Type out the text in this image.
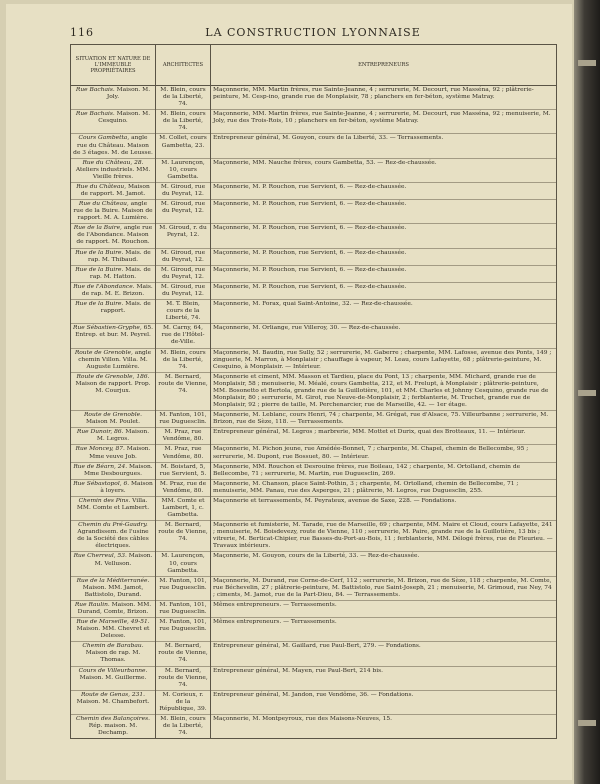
116	LA CONSTRUCTION LYONNAISE
SITUATION ET NATURE DE L'IMMEUBLE PROPRIÉTAIRES	ARCHITECTES	ENTREPRENEURS
Rue Bachais. Maison. M. Joly.	M. Blein, cours de la Liberté, 74.	Maçonnerie, MM. Martin frères, rue Sainte-Jeanne, 4 ; serrurerie, M. Decourt, rue Masséna, 92 ; plâtrerie-peinture, M. Cesp-ino, grande rue de Monplaisir, 78 ; planchers en fer-béton, système Matray.
Rue Bachais. Maison. M. Cesquino.	M. Blein, cours de la Liberté, 74.	Maçonnerie, MM. Martin frères, rue Sainte-Jeanne, 4 ; serrurerie, M. Decourt, rue Masséna, 92 ; menuiserie, M. Joly, rue des Trois-Rois, 10 ; planchers en fer-béton, système Matray.
Cours Gambetta, angle rue du Château. Maison de 3 étages. M. de Leusse.	M. Collet, cours Gambetta, 23.	Entrepreneur général, M. Gouyon, cours de la Liberté, 33. — Terrassements.
Rue du Château, 28. Ateliers industriels. MM. Vieille frères.	M. Laurençon, 10, cours Gambetta.	Maçonnerie, MM. Nauche frères, cours Gambetta, 53. — Rez-de-chaussée.
Rue du Château, Maison de rapport. M. Jamot.	M. Giroud, rue du Peyrat, 12.	Maçonnerie, M. P. Rouchon, rue Servient, 6. — Rez-de-chaussée.
Rue du Château, angle rue de la Buire. Maison de rapport. M. A. Lumière.	M. Giroud, rue du Peyrat, 12.	Maçonnerie, M. P. Rouchon, rue Servient, 6. — Rez-de-chaussée.
Rue de la Buire, angle rue de l'Abondance. Maison de rapport. M. Rouchon.	M. Giroud, r. du Peyrat, 12.	Maçonnerie, M. P. Rouchon, rue Servient, 6. — Rez-de-chaussée.
Rue de la Buire. Mais. de rap. M. Thibaud.	M. Giroud, rue du Peyrat, 12.	Maçonnerie, M. P. Rouchon, rue Servient, 6. — Rez-de-chaussée.
Rue de la Buire. Mais. de rap. M. Hatton.	M. Giroud, rue du Peyrat, 12.	Maçonnerie, M. P. Rouchon, rue Servient, 6. — Rez-de-chaussée.
Rue de l'Abondance. Mais. de rap. M. E. Brizon.	M. Giroud, rue du Peyrat, 12.	Maçonnerie, M. P. Rouchon, rue Servient, 6. — Rez-de-chaussée.
Rue de la Buire. Mais. de rapport.	M. T. Blein, cours de la Liberté, 74.	Maçonnerie, M. Forax, quai Saint-Antoine, 32. — Rez-de-chaussée.
Rue Sébastien-Gryphe, 65. Entrep. et bur. M. Peyrel.	M. Carny, 64, rue de l'Hôtel-de-Ville.	Maçonnerie, M. Orliange, rue Villeroy, 30. — Rez-de-chaussée.
Route de Grenoble, angle chemin Villon. Villa. M. Auguste Lumière.	M. Blein, cours de la Liberté, 74.	Maçonnerie, M. Baudin, rue Sully, 52 ; serrurerie, M. Gaberre ; charpente, MM. Lafosse, avenue des Ponts, 149 ; zinguerie, M. Marron, à Monplaisir ; chauffage à vapeur, M. Leau, cours Lafayette, 68 ; plâtrerie-peinture, M. Cesquino, à Monplaisir. — Intérieur.
Route de Grenoble, 186. Maison de rapport. Prop. M. Courjux.	M. Bernard, route de Vienne, 74.	Maçonnerie et ciment, MM. Masson et Tardieu, place du Pont, 13 ; charpente, MM. Michard, grande rue de Monplaisir, 58 ; menuiserie, M. Méalé, cours Gambetta, 212, et M. Frelupt, à Monplaisir ; plâtrerie-peinture, MM. Bosonetto et Bertola, grande rue de la Guillotière, 101, et MM. Charles et Johnny Cesquino, grande rue de Monplaisir, 80 ; serrurerie, M. Girot, rue Neuve-de-Monplaisir, 2 ; ferblanterie, M. Truchet, grande rue de Monplaisir, 92 ; pierre de taille, M. Perchenarcier, rue de Marseille, 42. — 1er étage.
Route de Grenoble. Maison M. Poulet.	M. Fanton, 101, rue Duguesclin.	Maçonnerie, M. Leblanc, cours Henri, 74 ; charpente, M. Grégat, rue d'Alsace, 75. Villeurbanne ; serrurerie, M. Brizon, rue de Sèze, 118. — Terrassements.
Rue Dunoir, 86. Maison. M. Legros.	M. Praz, rue Vendôme, 80.	Entrepreneur général, M. Legros ; marbrerie, MM. Mottet et Durix, quai des Brotteaux, 11. — Intérieur.
Rue Moncey, 87. Maison. Mme veuve Job.	M. Praz, rue Vendôme, 80.	Maçonnerie, M. Pichon jeune, rue Amédée-Bonnet, 7 ; charpente, M. Chapel, chemin de Bellecombe, 95 ; serrurerie, M. Dupont, rue Bossuet, 80. — Intérieur.
Rue de Béarn, 24. Maison. Mme Desbourgues.	M. Boistard, 5, rue Servient, 5.	Maçonnerie, MM. Rouchon et Desrouine frères, rue Boileau, 142 ; charpente, M. Ortolland, chemin de Bellecombe, 71 ; serrurerie, M. Martin, rue Duguesclin, 269.
Rue Sébastopol, 6. Maison à loyers.	M. Praz, rue de Vendôme, 80.	Maçonnerie, M. Chanson, place Saint-Pothin, 3 ; charpente, M. Ortolland, chemin de Bellecombe, 71 ; menuiserie, MM. Panau, rue des Asperges, 21 ; plâtrerie, M. Legros, rue Duguesclin, 255.
Chemin des Pins. Villa. MM. Comte et Lambert.	MM. Comte et Lambert, 1, c. Gambetta.	Maçonnerie et terrassements, M. Peyrateux, avenue de Saxe, 228. — Fondations.
Chemin du Pré-Gaudry. Agrandissem. de l'usine de la Société des câbles électriques.	M. Bernard, route de Vienne, 74.	Maçonnerie et fumisterie, M. Tarade, rue de Marseille, 69 ; charpente, MM. Maire et Cloud, cours Lafayette, 241 ; menuiserie, M. Boisdevezy, route de Vienne, 110 ; serrurerie, M. Paire, grande rue de la Guillotière, 13 bis ; vitrerie, M. Berticat-Chipier, rue Basses-du-Port-au-Bois, 11 ; ferblanterie, MM. Délogé frères, rue de Fleurieu. — Travaux intérieurs.
Rue Cherreul, 53. Maison. M. Velluson.	M. Laurençon, 10, cours Gambetta.	Maçonnerie, M. Gouyon, cours de la Liberté, 33. — Rez-de-chaussée.
Rue de la Méditerranée. Maison. MM. Jamot, Battistolo, Durand.	M. Fanton, 101, rue Duguesclin.	Maçonnerie, M. Durand, rue Corne-de-Cerf, 112 ; serrurerie, M. Brizon, rue de Sèze, 118 ; charpente, M. Comte, rue Béchevelin, 27 ; plâtrerie-peinture, M. Battistolo, rue Saint-Joseph, 21 ; menuiserie, M. Grimoud, rue Ney, 74 ; ciments, M. Jamot, rue de la Part-Dieu, 84. — Terrassements.
Rue Raulin. Maison. MM. Durand, Comte, Brizon.	M. Fanton, 101, rue Duguesclin.	Mêmes entrepreneurs. — Terrassements.
Rue de Marseille, 49-51. Maison. MM. Chevret et Delesse.	M. Fanton, 101, rue Duguesclin.	Mêmes entrepreneurs. — Terrassements.
Chemin de Barabau. Maison de rap. M. Thomas.	M. Bernard, route de Vienne, 74.	Entrepreneur général, M. Gaillard, rue Paul-Bert, 279. — Fondations.
Cours de Villeurbanne. Maison. M. Guillerme.	M. Bernard, route de Vienne, 74.	Entrepreneur général, M. Mayen, rue Paul-Bert, 214 bis.
Route de Genas, 231. Maison. M. Chambefort.	M. Corieux, r. de la République, 39.	Entrepreneur général, M. Jandon, rue Vendôme, 36. — Fondations.
Chemin des Balançoires. Rép. maison. M. Dechamp.	M. Blein, cours de la Liberté, 74.	Maçonnerie, M. Montpeyroux, rue des Maisons-Neuves, 15.
